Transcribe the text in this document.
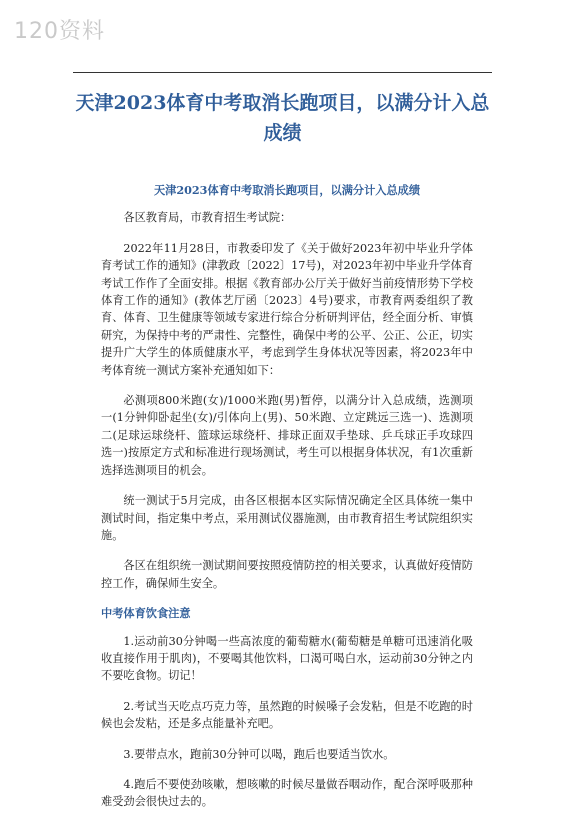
120资料
天津2023体育中考取消长跑项目，以满分计入总成绩

天津2023体育中考取消长跑项目，以满分计入总成绩

各区教育局，市教育招生考试院：

2022年11月28日，市教委印发了《关于做好2023年初中毕业升学体育考试工作的通知》(津教政〔2022〕17号)，对2023年初中毕业升学体育考试工作作了全面安排。根据《教育部办公厅关于做好当前疫情形势下学校体育工作的通知》(教体艺厅函〔2023〕4号)要求，市教育两委组织了教育、体育、卫生健康等领域专家进行综合分析研判评估，经全面分析、审慎研究，为保持中考的严肃性、完整性，确保中考的公平、公正、公正，切实提升广大学生的体质健康水平，考虑到学生身体状况等因素，将2023年中考体育统一测试方案补充通知如下：

必测项800米跑(女)/1000米跑(男)暂停，以满分计入总成绩，选测项一(1分钟仰卧起坐(女)/引体向上(男)、50米跑、立定跳远三选一)、选测项二(足球运球绕杆、篮球运球绕杆、排球正面双手垫球、乒乓球正手攻球四选一)按原定方式和标准进行现场测试，考生可以根据身体状况，有1次重新选择选测项目的机会。

统一测试于5月完成，由各区根据本区实际情况确定全区具体统一集中测试时间，指定集中考点，采用测试仪器施测，由市教育招生考试院组织实施。

各区在组织统一测试期间要按照疫情防控的相关要求，认真做好疫情防控工作，确保师生安全。

中考体育饮食注意

1.运动前30分钟喝一些高浓度的葡萄糖水(葡萄糖是单糖可迅速消化吸收直接作用于肌肉)，不要喝其他饮料，口渴可喝白水，运动前30分钟之内不要吃食物。切记！

2.考试当天吃点巧克力等，虽然跑的时候嗓子会发粘，但是不吃跑的时候也会发粘，还是多点能量补充吧。

3.要带点水，跑前30分钟可以喝，跑后也要适当饮水。

4.跑后不要使劲咳嗽，想咳嗽的时候尽量做吞咽动作，配合深呼吸那种难受劲会很快过去的。
